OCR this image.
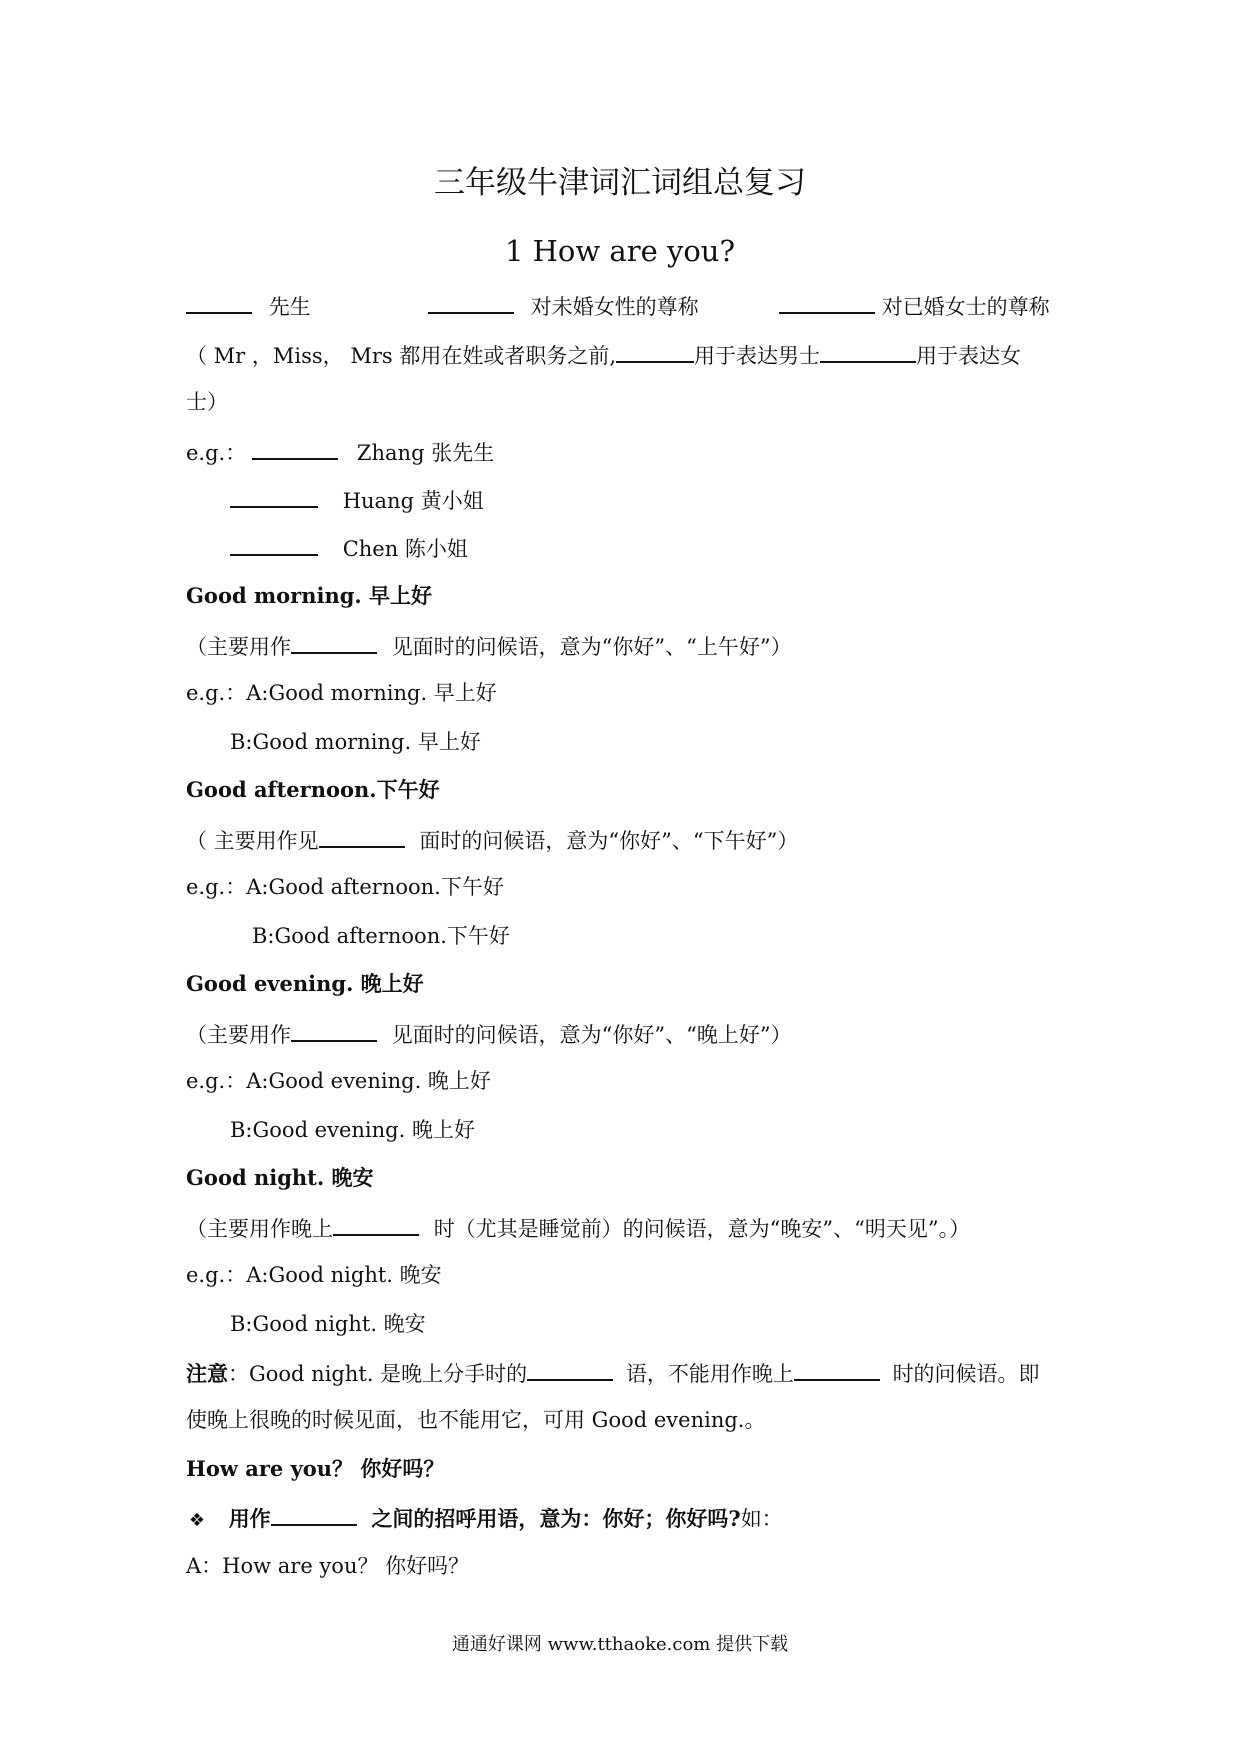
三年级牛津词汇词组总复习
1 How are you?
先生	对未婚女性的尊称	对已婚女士的尊称
（ Mr ，Miss， Mrs 都用在姓或者职务之前,	用于表达男士	用于表达女
士）
e.g.：	Zhang 张先生
Huang 黄小姐
Chen 陈小姐
Good morning. 早上好
（主要用作	见面时的问候语，意为“你好”、“上午好”）
e.g.：A:Good morning. 早上好
B:Good morning. 早上好
Good afternoon.下午好
（ 主要用作见	面时的问候语，意为“你好”、“下午好”）
e.g.：A:Good afternoon.下午好
B:Good afternoon.下午好
Good evening. 晚上好
（主要用作	见面时的问候语，意为“你好”、“晚上好”）
e.g.：A:Good evening. 晚上好
B:Good evening. 晚上好
Good night. 晚安
（主要用作晚上	时（尤其是睡觉前）的问候语，意为“晚安”、“明天见”。）
e.g.：A:Good night. 晚安
B:Good night. 晚安
注意：Good night. 是晚上分手时的	语，不能用作晚上	时的问候语。即
使晚上很晚的时候见面，也不能用它，可用 Good evening.。
How are you？ 你好吗？
❖ 用作	之间的招呼用语，意为：你好；你好吗?如：
A：How are you？ 你好吗？
通通好课网 www.tthaoke.com 提供下载
